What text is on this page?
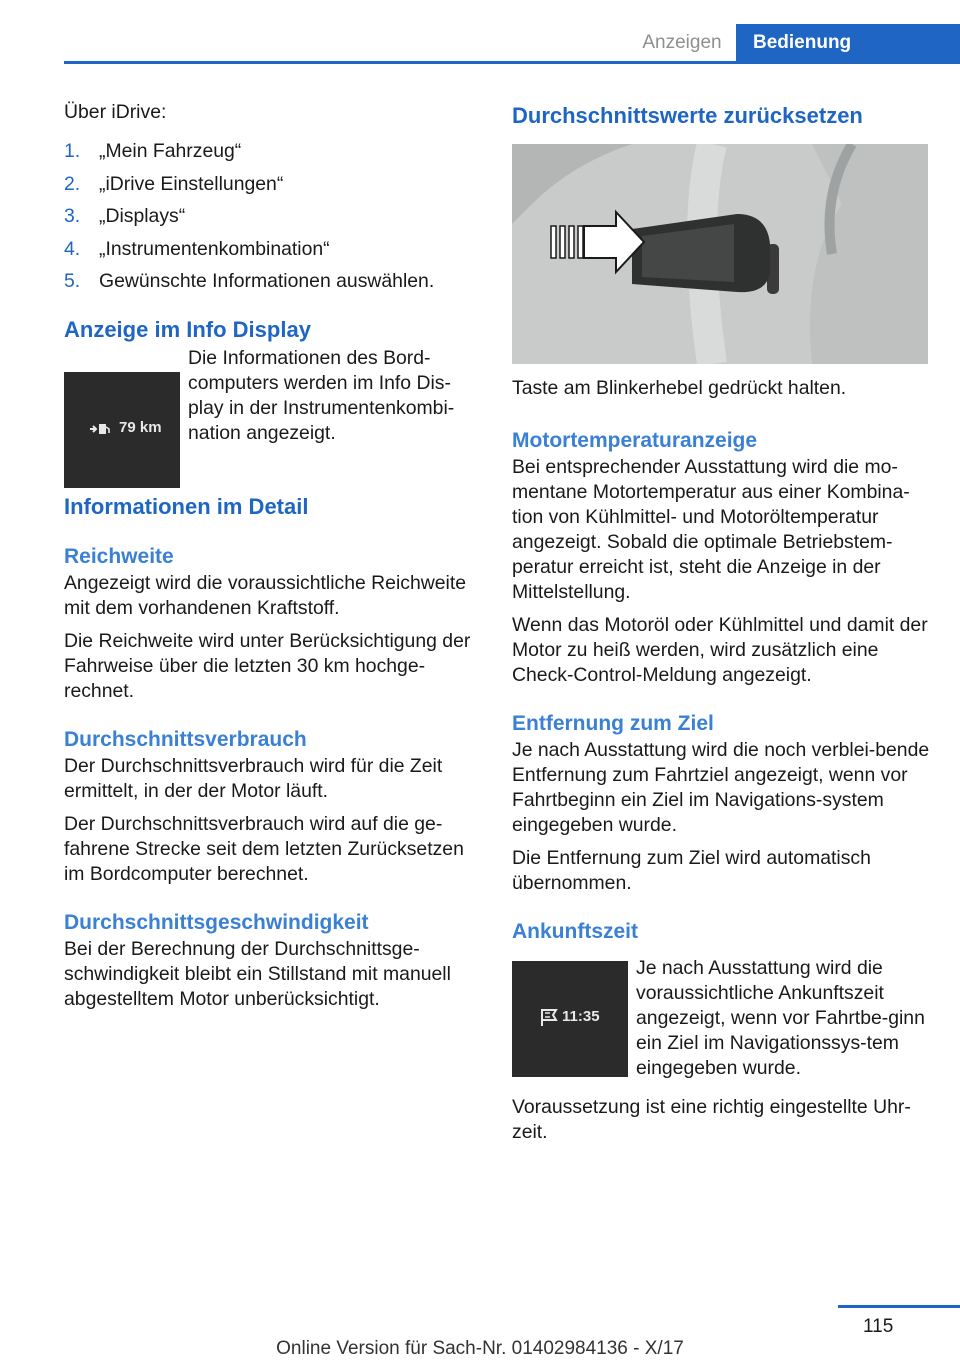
Anzeigen	Bedienung

Über iDrive:

1. „Mein Fahrzeug“
2. „iDrive Einstellungen“
3. „Displays“
4. „Instrumentenkombination“
5. Gewünschte Informationen auswählen.
Anzeige im Info Display
79 km

Die Informationen des Bord-computers werden im Info Dis-play in der Instrumentenkombi-nation angezeigt.

Informationen im Detail
Reichweite

Angezeigt wird die voraussichtliche Reichweite mit dem vorhandenen Kraftstoff.

Die Reichweite wird unter Berücksichtigung der Fahrweise über die letzten 30 km hochge-rechnet.

Durchschnittsverbrauch

Der Durchschnittsverbrauch wird für die Zeit ermittelt, in der der Motor läuft.

Der Durchschnittsverbrauch wird auf die ge-fahrene Strecke seit dem letzten Zurücksetzen im Bordcomputer berechnet.

Durchschnittsgeschwindigkeit

Bei der Berechnung der Durchschnittsge-schwindigkeit bleibt ein Stillstand mit manuell abgestelltem Motor unberücksichtigt.

Durchschnittswerte zurücksetzen

Taste am Blinkerhebel gedrückt halten.

Motortemperaturanzeige

Bei entsprechender Ausstattung wird die mo-mentane Motortemperatur aus einer Kombina-tion von Kühlmittel- und Motoröltemperatur angezeigt. Sobald die optimale Betriebstem-peratur erreicht ist, steht die Anzeige in der Mittelstellung.

Wenn das Motoröl oder Kühlmittel und damit der Motor zu heiß werden, wird zusätzlich eine Check-Control-Meldung angezeigt.

Entfernung zum Ziel

Je nach Ausstattung wird die noch verblei-bende Entfernung zum Fahrtziel angezeigt, wenn vor Fahrtbeginn ein Ziel im Navigations-system eingegeben wurde.

Die Entfernung zum Ziel wird automatisch übernommen.

Ankunftszeit
11:35

Je nach Ausstattung wird die voraussichtliche Ankunftszeit angezeigt, wenn vor Fahrtbe-ginn ein Ziel im Navigationssys-tem eingegeben wurde.

Voraussetzung ist eine richtig eingestellte Uhr-zeit.

115
Online Version für Sach-Nr. 01402984136 - X/17
